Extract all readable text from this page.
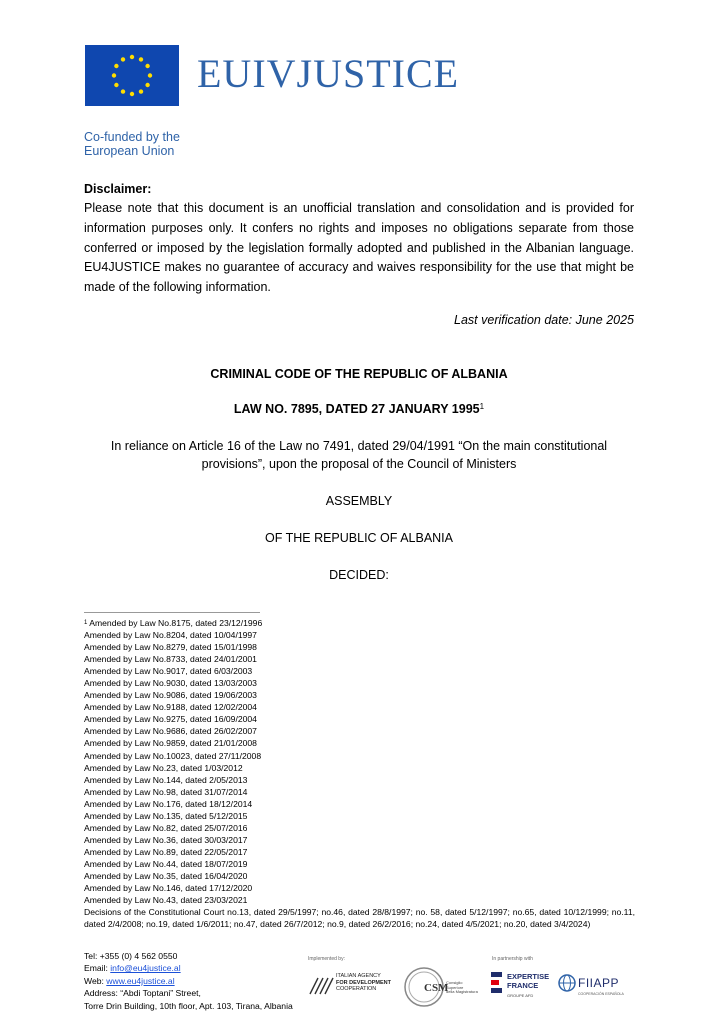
EUIVJUSTICE
Co-funded by the
European Union
Disclaimer:
Please note that this document is an unofficial translation and consolidation and is provided for information purposes only. It confers no rights and imposes no obligations separate from those conferred or imposed by the legislation formally adopted and published in the Albanian language. EU4JUSTICE makes no guarantee of accuracy and waives responsibility for the use that might be made of the following information.
Last verification date: June 2025
CRIMINAL CODE OF THE REPUBLIC OF ALBANIA
LAW NO. 7895, DATED 27 JANUARY 1995$^1$
In reliance on Article 16 of the Law no 7491, dated 29/04/1991 “On the main constitutional
provisions”, upon the proposal of the Council of Ministers
ASSEMBLY
OF THE REPUBLIC OF ALBANIA
DECIDED:
$^1$ Amended by Law No.8175, dated 23/12/1996
Amended by Law No.8204, dated 10/04/1997
Amended by Law No.8279, dated 15/01/1998
Amended by Law No.8733, dated 24/01/2001
Amended by Law No.9017, dated 6/03/2003
Amended by Law No.9030, dated 13/03/2003
Amended by Law No.9086, dated 19/06/2003
Amended by Law No.9188, dated 12/02/2004
Amended by Law No.9275, dated 16/09/2004
Amended by Law No.9686, dated 26/02/2007
Amended by Law No.9859, dated 21/01/2008
Amended by Law No.10023, dated 27/11/2008
Amended by Law No.23, dated 1/03/2012
Amended by Law No.144, dated 2/05/2013
Amended by Law No.98, dated 31/07/2014
Amended by Law No.176, dated 18/12/2014
Amended by Law No.135, dated 5/12/2015
Amended by Law No.82, dated 25/07/2016
Amended by Law No.36, dated 30/03/2017
Amended by Law No.89, dated 22/05/2017
Amended by Law No.44, dated 18/07/2019
Amended by Law No.35, dated 16/04/2020
Amended by Law No.146, dated 17/12/2020
Amended by Law No.43, dated 23/03/2021
Decisions of the Constitutional Court no.13, dated 29/5/1997; no.46, dated 28/8/1997; no. 58, dated 5/12/1997; no.65, dated 10/12/1999; no.11, dated 2/4/2008; no.19, dated 1/6/2011; no.47, dated 26/7/2012; no.9, dated 26/2/2016; no.24, dated 4/5/2021; no.20, dated 3/4/2024)
Tel: +355 (0) 4 562 0550
Email: info@eu4justice.al
Web: www.eu4justice.al
Address: “Abdi Toptani” Street,
Torre Drin Building, 10th floor, Apt. 103, Tirana, Albania
Implemented by:	In partnership with
ITALIAN AGENCY
FOR DEVELOPMENT
COOPERATION	CSM
Consiglio
Superiore
della Magistratura
EXPERTISE
FRANCE
GROUPE AFD
FIIAPP
COOPERACIÓN ESPAÑOLA
